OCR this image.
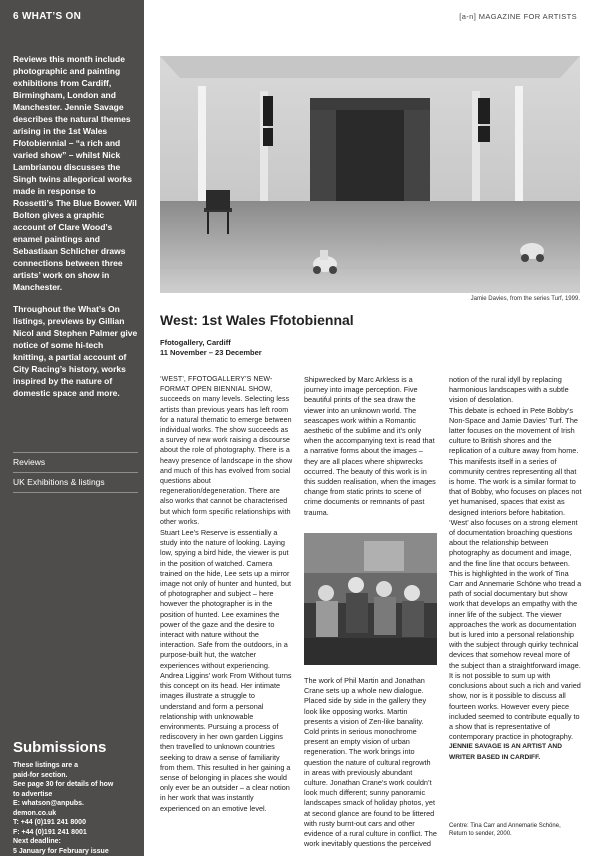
6 WHAT’S ON

Reviews this month include photographic and painting exhibitions from Cardiff, Birmingham, London and Manchester. Jennie Savage describes the natural themes arising in the 1st Wales Ffotobiennial – “a rich and varied show” – whilst Nick Lambrianou discusses the Singh twins allegorical works made in response to Rossetti’s The Blue Bower. Wil Bolton gives a graphic account of Clare Wood’s enamel paintings and Sebastiaan Schlicher draws connections between three artists’ work on show in Manchester.

Throughout the What’s On listings, previews by Gillian Nicol and Stephen Palmer give notice of some hi-tech knitting, a partial account of City Racing’s history, works inspired by the nature of domestic space and more.

Reviews
UK Exhibitions & listings
Submissions
These listings are a
paid-for section.
See page 30 for details of how
to advertise
E: whatson@anpubs.
demon.co.uk
T: +44 (0)191 241 8000
F: +44 (0)191 241 8001
Next deadline:
5 January for February issue
[a-n] MAGAZINE FOR ARTISTS
Jamie Davies, from the series Turf, 1999.
West: 1st Wales Ffotobiennal
Ffotogallery, Cardiff
11 November – 23 December

‘WEST’, FFOTOGALLERY’S NEW-FORMAT OPEN BIENNIAL SHOW, succeeds on many levels. Selecting less artists than previous years has left room for a natural thematic to emerge between individual works. The show succeeds as a survey of new work raising a discourse about the role of photography. There is a heavy presence of landscape in the show and much of this has evolved from social questions about regeneration/degeneration. There are also works that cannot be characterised but which form specific relationships with other works.

Stuart Lee’s Reserve is essentially a study into the nature of looking. Laying low, spying a bird hide, the viewer is put in the position of watched. Camera trained on the hide, Lee sets up a mirror image not only of hunter and hunted, but of photographer and subject – here however the photographer is in the position of hunted. Lee examines the power of the gaze and the desire to interact with nature without the interaction. Safe from the outdoors, in a purpose-built hut, the watcher experiences without experiencing. Andrea Liggins’ work From Without turns this concept on its head. Her intimate images illustrate a struggle to understand and form a personal relationship with unknowable environments. Pursuing a process of rediscovery in her own garden Liggins then travelled to unknown countries seeking to draw a sense of familiarity from them. This resulted in her gaining a sense of belonging in places she would only ever be an outsider – a clear notion in her work that was instantly experienced on an emotive level.

Shipwrecked by Marc Arkless is a journey into image perception. Five beautiful prints of the sea draw the viewer into an unknown world. The seascapes work within a Romantic aesthetic of the sublime and it’s only when the accompanying text is read that a narrative forms about the images – they are all places where shipwrecks occurred. The beauty of this work is in this sudden realisation, when the images change from static prints to scene of crime documents or remnants of past trauma.

The work of Phil Martin and Jonathan Crane sets up a whole new dialogue. Placed side by side in the gallery they look like opposing works. Martin presents a vision of Zen-like banality. Cold prints in serious monochrome present an empty vision of urban regeneration. The work brings into question the nature of cultural regrowth in areas with previously abundant culture. Jonathan Crane’s work couldn’t look much different; sunny panoramic landscapes smack of holiday photos, yet at second glance are found to be littered with rusty burnt-out cars and other evidence of a rural culture in conflict. The work inevitably questions the perceived

notion of the rural idyll by replacing harmonious landscapes with a subtle vision of desolation.

This debate is echoed in Pete Bobby’s Non-Space and Jamie Davies’ Turf. The latter focuses on the movement of Irish culture to British shores and the replication of a culture away from home. This manifests itself in a series of community centres representing all that is home. The work is a similar format to that of Bobby, who focuses on places not yet humanised, spaces that exist as designed interiors before habitation.

‘West’ also focuses on a strong element of documentation broaching questions about the relationship between photography as document and image, and the fine line that occurs between. This is highlighted in the work of Tina Carr and Annemarie Schöne who tread a path of social documentary but show work that develops an empathy with the inner life of the subject. The viewer approaches the work as documentation but is lured into a personal relationship with the subject through quirky technical devices that somehow reveal more of the subject than a straightforward image.

It is not possible to sum up with conclusions about such a rich and varied show, nor is it possible to discuss all fourteen works. However every piece included seemed to contribute equally to a show that is representative of contemporary practice in photography.

JENNIE SAVAGE IS AN ARTIST AND WRITER BASED IN CARDIFF.

Centre: Tina Carr and Annemarie Schöne,
Return to sender, 2000.
